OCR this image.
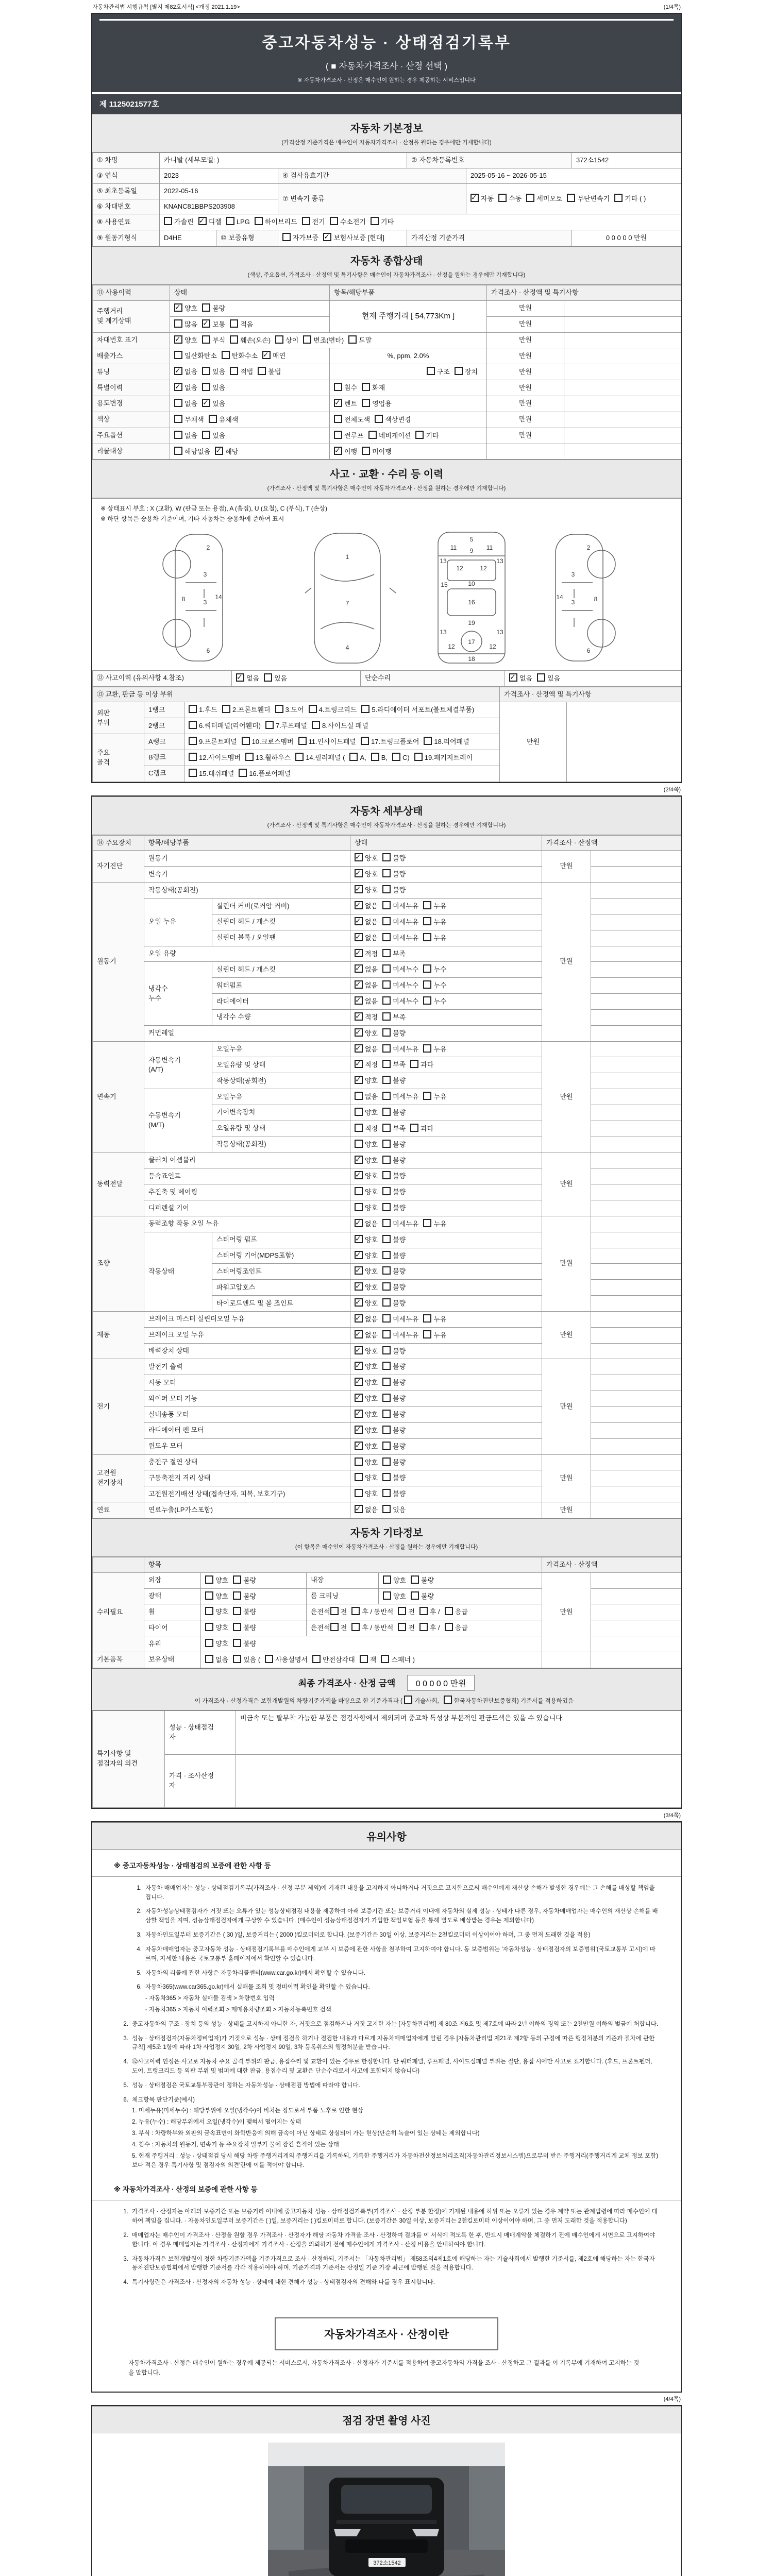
자동차관리법 시행규칙 [별지 제82호서식] <개정 2021.1.19>	(1/4쪽)
중고자동차성능 · 상태점검기록부
( ■ 자동차가격조사 · 산정 선택 )
※ 자동차가격조사 · 산정은 매수인이 원하는 경우 제공하는 서비스입니다
제 1125021577호
자동차 기본정보
(가격산정 기준가격은 매수인이 자동차가격조사 · 산정을 원하는 경우에만 기재합니다)
① 차명	카니발 (세부모델: )			② 자동차등록번호		372소1542
③ 연식	2023		④ 검사유효기간		2025-05-16 ~ 2026-05-15	
⑤ 최초등록일	2022-05-16		⑦ 변속기 종류	✓자동수동세미오토 무단변속기기타 ( )
⑥ 차대번호	KNANC81BBPS203908					
⑧ 사용연료	가솔린✓디젤LPG하이브리드전기수소전기기타
⑨ 원동기형식	D4HE	⑩ 보증유형	자가보증✓보험사보증 [현대]	가격산정 기준가격		0 0 0 0 0 만원
자동차 종합상태
(색상, 주요옵션, 가격조사 · 산정액 및 특기사항은 매수인이 자동차가격조사 · 산정을 원하는 경우에만 기재합니다)
⑪ 사용이력	상태	항목/해당부품	가격조사 · 산정액 및 특기사항	
주행거리
및 계기상태	✓양호불량	현재 주행거리 [ 54,773Km ]	만원	
	많음✓보통적음		만원	
차대번호 표기	✓양호부식훼손(오손)상이변조(변타)도말		만원	
배출가스	일산화탄소탄화수소✓매연	%, ppm, 2.0%	만원	
튜닝	✓없음있음적법불법	구조장치	만원	
특별이력	✓없음있음	침수화재	만원	
용도변경	없음✓있음	✓렌트영업용	만원	
색상	무채색유채색	전체도색색상변경	만원	
주요옵션	없음있음	썬루프네비게이션기타	만원	
리콜대상	해당없음✓해당	✓이행미이행		
사고 · 교환 · 수리 등 이력
(가격조사 · 산정액 및 특기사항은 매수인이 자동차가격조사 · 산정을 원하는 경우에만 기재합니다)
※ 상태표시 부호 : X (교환), W (판금 또는 용접), A (흠집), U (요철), C (부식), T (손상)
※ 하단 항목은 승용차 기준이며, 기타 자동차는 승용차에 준하여 표시
2
8
3
3
14
6
1
7
4
5
11	11
9
13	13
12	12
10
15
16
19
13	13
12	12
17
18
2
8
3
3
14
6
⑫ 사고이력 (유의사항 4.참조)	✓없음있음	단순수리	✓없음있음
⑬ 교환, 판금 등 이상 부위			가격조사 · 산정액 및 특기사항	
외판
부위	1랭크	1.후드2.프론트휀더3.도어4.트렁크리드 5.라디에이터 서포트(볼트체결부품)	만원	
	2랭크	6.쿼터패널(리어휀더)7.루프패널8.사이드실 패널		
주요
골격	A랭크	9.프론트패널10.크로스멤버11.인사이드패널17.트렁크플로어 18.리어패널		
	B랭크	12.사이드멤버13.휠하우스14.필러패널 ( A,B,C) 19.패키지트레이		
	C랭크	15.대쉬패널16.플로어패널		
(2/4쪽)
자동차 세부상태
(가격조사 · 산정액 및 특기사항은 매수인이 자동차가격조사 · 산정을 원하는 경우에만 기재합니다)
⑭ 주요장치	항목/해당부품		상태	가격조사 · 산정액	
자기진단	원동기	✓양호불량	만원	
	변속기	✓양호불량	
원동기	작동상태(공회전)	✓양호불량	만원	
	오일 누유	실린더 커버(로커암 커버)	✓없음미세누유누유	
		실린더 헤드 / 개스킷	✓없음미세누유누유	
		실린더 블록 / 오일팬	✓없음미세누유누유	
	오일 유량	✓적정부족	
	냉각수
누수	실린더 헤드 / 개스킷	✓없음미세누수누수	
		워터펌프	✓없음미세누수누수	
		라디에이터	✓없음미세누수누수	
		냉각수 수량	✓적정부족	
	커먼레일	✓양호불량	
변속기	자동변속기
(A/T)	오일누유	✓없음미세누유누유	만원	
		오일유량 및 상태	✓적정부족과다	
		작동상태(공회전)	✓양호불량	
	수동변속기
(M/T)	오일누유	없음미세누유누유		
		기어변속장치	양호불량		
		오일유량 및 상태	적정부족과다		
		작동상태(공회전)	양호불량		
동력전달	클러치 어셈블리	✓양호불량	만원	
	등속죠인트	✓양호불량	
	추진축 및 베어링		양호불량		
	디퍼렌셜 기어		양호불량		
조향	동력조향 작동 오일 누유	✓없음미세누유누유	만원	
	작동상태	스티어링 펌프	✓양호불량	
		스티어링 기어(MDPS포함)	✓양호불량	
		스티어링조인트	✓양호불량	
		파워고압호스	✓양호불량	
		타이로드엔드 및 볼 조인트	✓양호불량	
제동	브레이크 마스터 실린더오일 누유	✓없음미세누유누유	만원	
	브레이크 오일 누유	✓없음미세누유누유	
	배력장치 상태	✓양호불량	
전기	발전기 출력	✓양호불량	만원	
	시동 모터	✓양호불량	
	와이퍼 모터 기능	✓양호불량	
	실내송풍 모터	✓양호불량	
	라디에이터 팬 모터	✓양호불량	
	윈도우 모터	✓양호불량	
고전원
전기장치	충전구 절연 상태		양호불량	만원	
	구동축전지 격리 상태		양호불량		
	고전원전기배선 상태(접속단자, 피복, 보호기구)		양호불량		
연료	연료누출(LP가스포함)	✓없음있음	만원	
자동차 기타정보
(이 항목은 매수인이 자동차가격조사 · 산정을 원하는 경우에만 기재합니다)
	항목				가격조사 · 산정액	
수리필요	외장	양호불량	내장	양호불량	만원	
	광택	양호불량	룸 크리닝	양호불량		
	휠	양호불량	운전석 전후 / 동반석 전후 /응급			
	타이어	양호불량	운전석 전후 / 동반석 전후 /응급			
	유리	양호불량				
기본품목	보유상태	없음있음 (사용설명서안전삼각대잭스패너 )				
최종 가격조사 · 산정 금액 0 0 0 0 0 만원
이 가격조사 · 산정가격은 보험개발원의 차량기준가액을 바탕으로 한 기준가격과 ( 기술사회,	한국자동차진단보증협회) 기준서를 적용하였음
특기사항 및
점검자의 의견	성능 · 상태점검
자	비금속 또는 탈부착 가능한 부품은 점검사항에서 제외되며 중고차 특성상 부분적인 판금도색은 있을 수 있습니다.
	가격 · 조사산정
자	
(3/4쪽)
유의사항
※ 중고자동차성능 · 상태점검의 보증에 관한 사항 등
1. 자동차 매매업자는 성능 · 상태점검기록부(가격조사 · 산정 부분 제외)에 기재된 내용을 고지하지 아니하거나 거짓으로 고지함으로써 매수인에게 재산상 손해가 발생한 경우에는 그 손해를 배상할 책임을 집니다.
2. 자동차성능상태점검자가 거짓 또는 오류가 있는 성능상태점검 내용을 제공하여 아래 보증기간 또는 보증거리 이내에 자동차의 실제 성능 · 상태가 다른 경우, 자동차매매업자는 매수인의 재산상 손해를 배상할 책임을 지며, 성능상태점검자에게 구상할 수 있습니다. (매수인이 성능상태점검자가 가입한 책임보험 등을 통해 별도로 배상받는 경우는 제외합니다)
3. 자동차인도일부터 보증기간은 ( 30 )일, 보증거리는 ( 2000 )킬로미터로 합니다. (보증기간은 30일 이상, 보증거리는 2천킬로미터 이상이어야 하며, 그 중 먼저 도래한 것을 적용)
4. 자동차매매업자는 중고자동차 성능 · 상태점검기록부를 매수인에게 교부 시 보증에 관한 사항을 첨부하여 고지하여야 합니다. 동 보증범위는 '자동차성능 · 상태점검자의 보증범위'(국토교통부 고시)에 따르며, 자세한 내용은 국토교통부 홈페이지에서 확인할 수 있습니다.
5. 자동차의 리콜에 관한 사항은 자동차리콜센터(www.car.go.kr)에서 확인할 수 있습니다.
6. 자동차365(www.car365.go.kr)에서 실매물 조회 및 정비이력 확인을 확인할 수 있습니다.
- 자동차365 > 자동차 실매물 검색 > 차량번호 입력
- 자동차365 > 자동차 이력조회 > 매매용차량조회 > 자동차등록번호 검색
2. 중고자동차의 구조 · 장치 등의 성능 · 상태를 고지하지 아니한 자, 거짓으로 점검하거나 거짓 고지한 자는 [자동차관리법] 제 80조 제6호 및 제7호에 따라 2년 이하의 징역 또는 2천만원 이하의 벌금에 처합니다.
3. 성능 · 상태점검자(자동차정비업자)가 거짓으로 성능 · 상태 점검을 하거나 점검한 내용과 다르게 자동차매매업자에게 알린 경우 [자동차관리법 제21조 제2항 등의 규정에 따른 행정처분의 기준과 절차에 관한 규칙] 제5조 1항에 따라 1차 사업정지 30일, 2차 사업정지 90일, 3차 등록취소의 행정처분을 받습니다.
4. ⑫사고이력 인정은 사고로 자동차 주요 골격 부위의 판금, 용접수리 및 교환이 있는 경우로 한정합니다. 단 쿼터패널, 루프패널, 사이드실패널 부위는 절단, 용접 시에만 사고로 표기합니다. (후드, 프론트펜더, 도어, 트렁크리드 등 외판 부위 및 범퍼에 대한 판금, 용접수리 및 교환은 단순수리로서 사고에 포함되지 않습니다)
5. 성능 · 상태점검은 국토교통부장관이 정하는 자동차성능 · 상태점검 방법에 따라야 합니다.
6. 체크항목 판단기준(예시)
1. 미세누유(미세누수) : 해당부위에 오일(냉각수)이 비치는 정도로서 부품 노후로 인한 현상
2. 누유(누수) : 해당부위에서 오일(냉각수)이 맺혀서 떨어지는 상태
3. 부식 : 차량하부와 외판의 금속표면이 화학반응에 의해 금속이 아닌 상태로 상실되어 가는 현상(단순히 녹슬어 있는 상태는 제외합니다)
4. 침수 : 자동차의 원동기, 변속기 등 주요장치 일부가 물에 잠긴 흔적이 있는 상태
5. 현재 주행거리 : 성능 · 상태점검 당시 해당 차량 주행거리계의 주행거리를 기록하되, 기록한 주행거리가 자동차전산정보처리조직(자동차관리정보시스템)으로부터 받은 주행거리(주행거리계 교체 정보 포함)보다 적은 경우 특기사항 및 점검자의 의견'란에 이를 적어야 합니다.
※ 자동차가격조사 · 산정의 보증에 관한 사항 등
1. 가격조사 · 산정자는 아래의 보증기간 또는 보증거리 이내에 중고자동차 성능 · 상태점검기록부(가격조사 · 산정 부분 한정)에 기재된 내용에 허위 또는 오류가 있는 경우 계약 또는 관계법령에 따라 매수인에 대하여 책임을 집니다. · 자동차인도일부터 보증기간은 ( )일, 보증거리는 ( )킬로미터로 합니다. (보증기간은 30일 이상, 보증거리는 2천킬로미터 이상이어야 하며, 그 중 먼저 도래한 것을 적용합니다)
2. 매매업자는 매수인이 가격조사 · 산정을 원할 경우 가격조사 · 산정자가 해당 자동차 가격을 조사 · 산정하여 결과를 이 서식에 적도록 한 후, 반드시 매매계약을 체결하기 전에 매수인에게 서면으로 고지하여야 합니다. 이 경우 매매업자는 가격조사 · 산정자에게 가격조사 · 산정을 의뢰하기 전에 매수인에게 가격조사 · 산정 비용을 안내하여야 합니다.
3. 자동차가격은 보험개발원이 정한 차량기준가액을 기준가격으로 조사 · 산정하되, 기준서는 「자동차관리법」 제58조의4제1호에 해당하는 자는 기술사회에서 발행한 기준서를, 제2호에 해당하는 자는 한국자동차진단보증협회에서 발행한 기준서를 각각 적용하여야 하며, 기준가격과 기준서는 산정일 기준 가장 최근에 발행된 것을 적용합니다.
4. 특기사항란은 가격조사 · 산정자의 자동차 성능 · 상태에 대한 견해가 성능 · 상태점검자의 견해와 다를 경우 표시합니다.
자동차가격조사 · 산정이란
자동차가격조사 · 산정은 매수인이 원하는 경우에 제공되는 서비스로서, 자동차가격조사 · 산정자가 기준서를 적용하여 중고자동차의 가격을 조사 · 산정하고 그 결과를 이 기록부에 기재하여 고지하는 것을 말합니다.
(4/4쪽)
점검 장면 촬영 사진
372소1542
